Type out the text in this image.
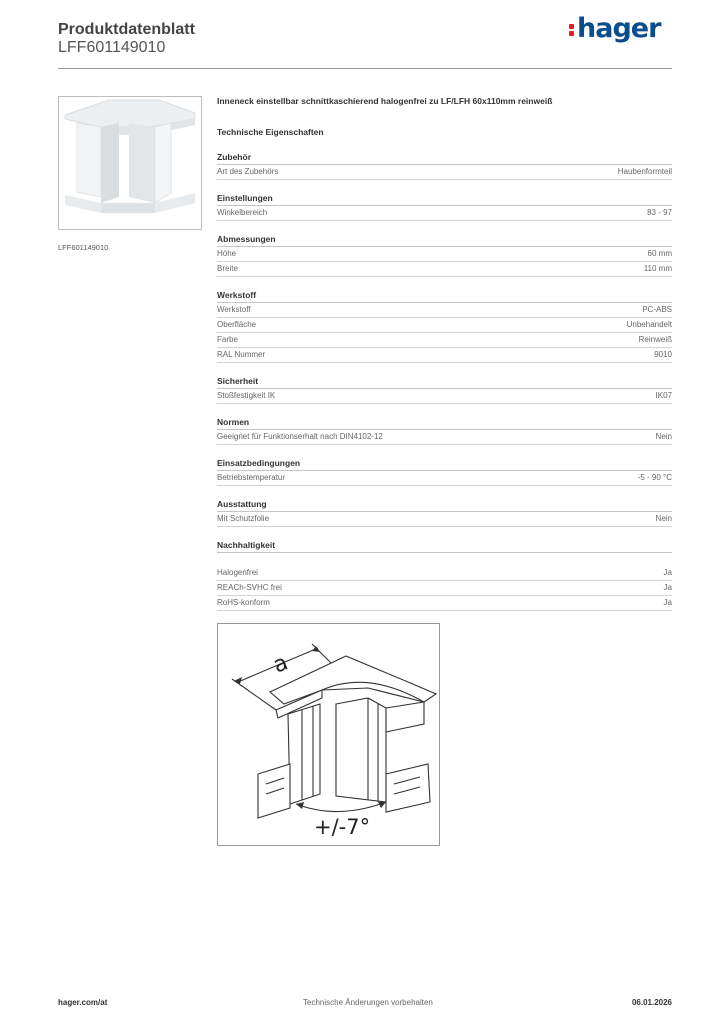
Produktdatenblatt
LFF601149010
hager
LFF601149010
Inneneck einstellbar schnittkaschierend halogenfrei zu LF/LFH 60x110mm reinweiß
Technische Eigenschaften
Zubehör
Art des Zubehörs	Haubenformteil
Einstellungen
Winkelbereich	83 - 97
Abmessungen
Höhe	60 mm
Breite	110 mm
Werkstoff
Werkstoff	PC-ABS
Oberfläche	Unbehandelt
Farbe	Reinweiß
RAL Nummer	9010
Sicherheit
Stoßfestigkeit IK	IK07
Normen
Geeignet für Funktionserhalt nach DIN4102-12	Nein
Einsatzbedingungen
Betriebstemperatur	-5 - 90 °C
Ausstattung
Mit Schutzfolie	Nein
Nachhaltigkeit
Halogenfrei	Ja
REACh-SVHC frei	Ja
RoHS-konform	Ja
a
+/-7°
hager.com/at	Technische Änderungen vorbehalten	06.01.2026
